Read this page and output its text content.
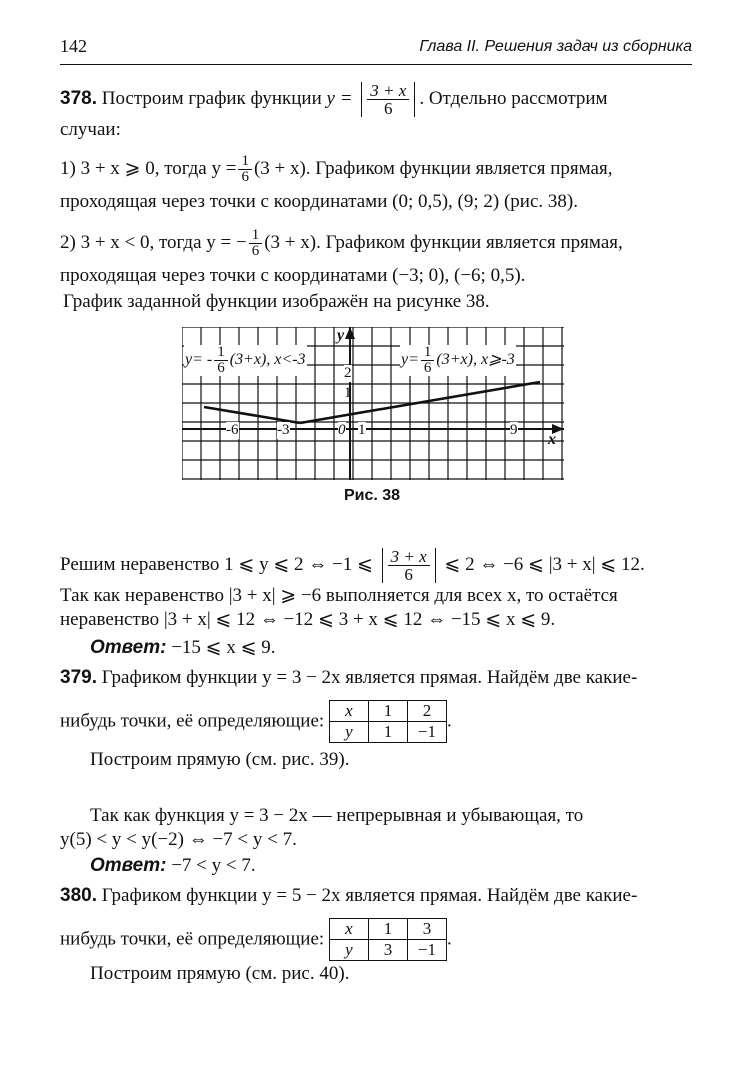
142	Глава II. Решения задач из сборника
378. Построим график функции $y = \frac{3 + x}{6}$ . Отдельно рассмотрим
случаи:
1) 3 + x ⩾ 0, тогда $y = \frac{1}{6} (3 + x)$. Графиком функции является прямая,
проходящая через точки с координатами (0; 0,5), (9; 2) (рис. 38).
2) 3 + x < 0, тогда y = − $\frac{1}{6} (3 + x)$. Графиком функции является прямая,
проходящая через точки с координатами (−3; 0), (−6; 0,5).
График заданной функции изображён на рисунке 38.
$y= - \frac{1}{6} (3+x)$, x<-3	$y= \frac{1}{6} (3+x)$, x⩾-3
y
x
2
1
-6	-3	0 1	9
Рис. 38
Решим неравенство 1 ⩽ y ⩽ 2 ⇔ −1 ⩽ $\frac{3 + x}{6}$ ⩽ 2 ⇔ −6 ⩽ |3 + x| ⩽ 12.
Так как неравенство |3 + x| ⩾ −6 выполняется для всех x, то остаётся
неравенство |3 + x| ⩽ 12 ⇔ −12 ⩽ 3 + x ⩽ 12 ⇔ −15 ⩽ x ⩽ 9.
Ответ: −15 ⩽ x ⩽ 9.
379. Графиком функции y = 3 − 2x является прямая. Найдём две какие-
нибудь точки, её определяющие: x	1	2
y	1	−1 .
Построим прямую (см. рис. 39).
Так как функция y = 3 − 2x — непрерывная и убывающая, то
y(5) < y < y(−2) ⇔ −7 < y < 7.
Ответ: −7 < y < 7.
380. Графиком функции y = 5 − 2x является прямая. Найдём две какие-
нибудь точки, её определяющие: x	1	3
y	3	−1 .
Построим прямую (см. рис. 40).
